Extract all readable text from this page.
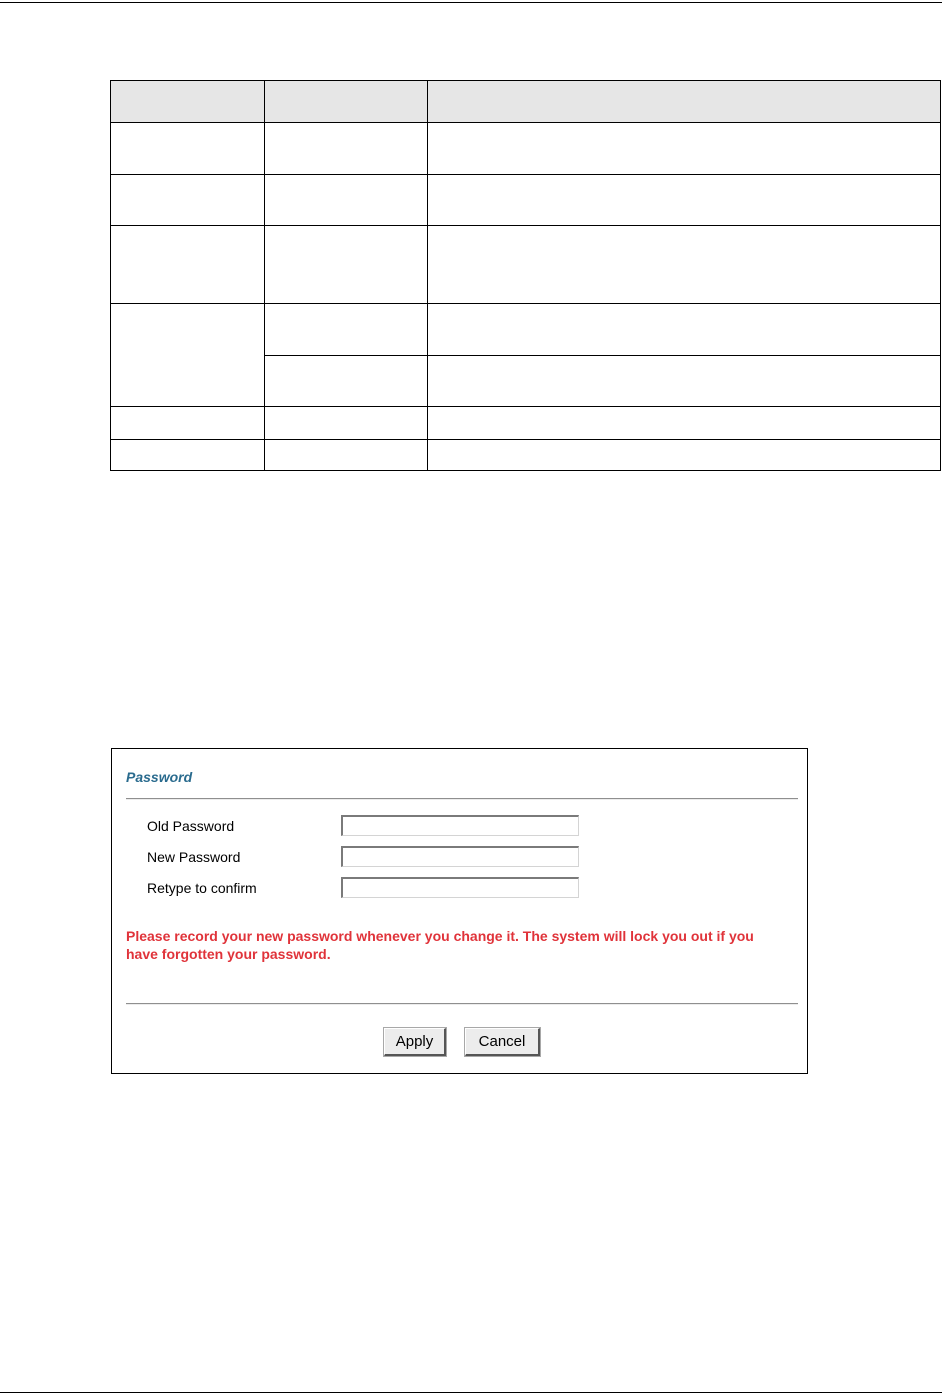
Password
Old Password
New Password
Retype to confirm

Please record your new password whenever you change it. The system will lock you out if you have forgotten your password.

Apply	Cancel
